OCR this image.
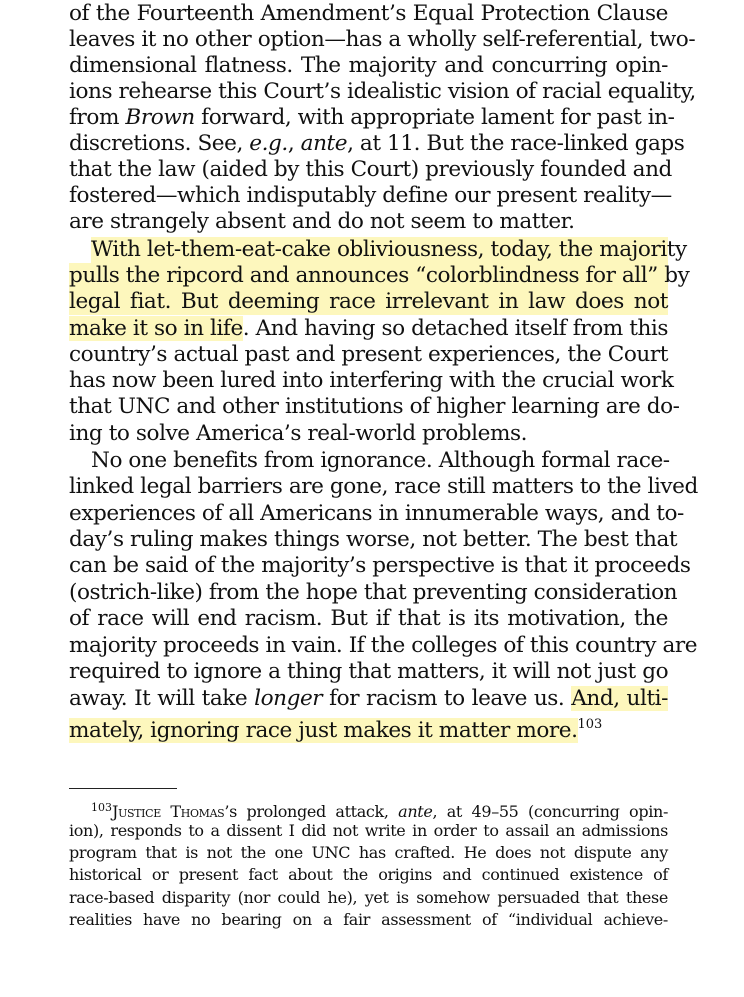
of the Fourteenth Amendment’s Equal Protection Clause
leaves it no other option—has a wholly self-referential, two-
dimensional flatness. The majority and concurring opin-
ions rehearse this Court’s idealistic vision of racial equality,
from Brown forward, with appropriate lament for past in-
discretions. See, e.g., ante, at 11. But the race-linked gaps
that the law (aided by this Court) previously founded and
fostered—which indisputably define our present reality—
are strangely absent and do not seem to matter.
With let-them-eat-cake obliviousness, today, the majority
pulls the ripcord and announces “colorblindness for all” by
legal fiat. But deeming race irrelevant in law does not
make it so in life. And having so detached itself from this
country’s actual past and present experiences, the Court
has now been lured into interfering with the crucial work
that UNC and other institutions of higher learning are do-
ing to solve America’s real-world problems.
No one benefits from ignorance. Although formal race-
linked legal barriers are gone, race still matters to the lived
experiences of all Americans in innumerable ways, and to-
day’s ruling makes things worse, not better. The best that
can be said of the majority’s perspective is that it proceeds
(ostrich-like) from the hope that preventing consideration
of race will end racism. But if that is its motivation, the
majority proceeds in vain. If the colleges of this country are
required to ignore a thing that matters, it will not just go
away. It will take longer for racism to leave us. And, ulti-
mately, ignoring race just makes it matter more.$^{103}$
$^{103}$Justice Thomas’s prolonged attack, ante, at 49–55 (concurring opin-
ion), responds to a dissent I did not write in order to assail an admissions
program that is not the one UNC has crafted. He does not dispute any
historical or present fact about the origins and continued existence of
race-based disparity (nor could he), yet is somehow persuaded that these
realities have no bearing on a fair assessment of “individual achieve-
